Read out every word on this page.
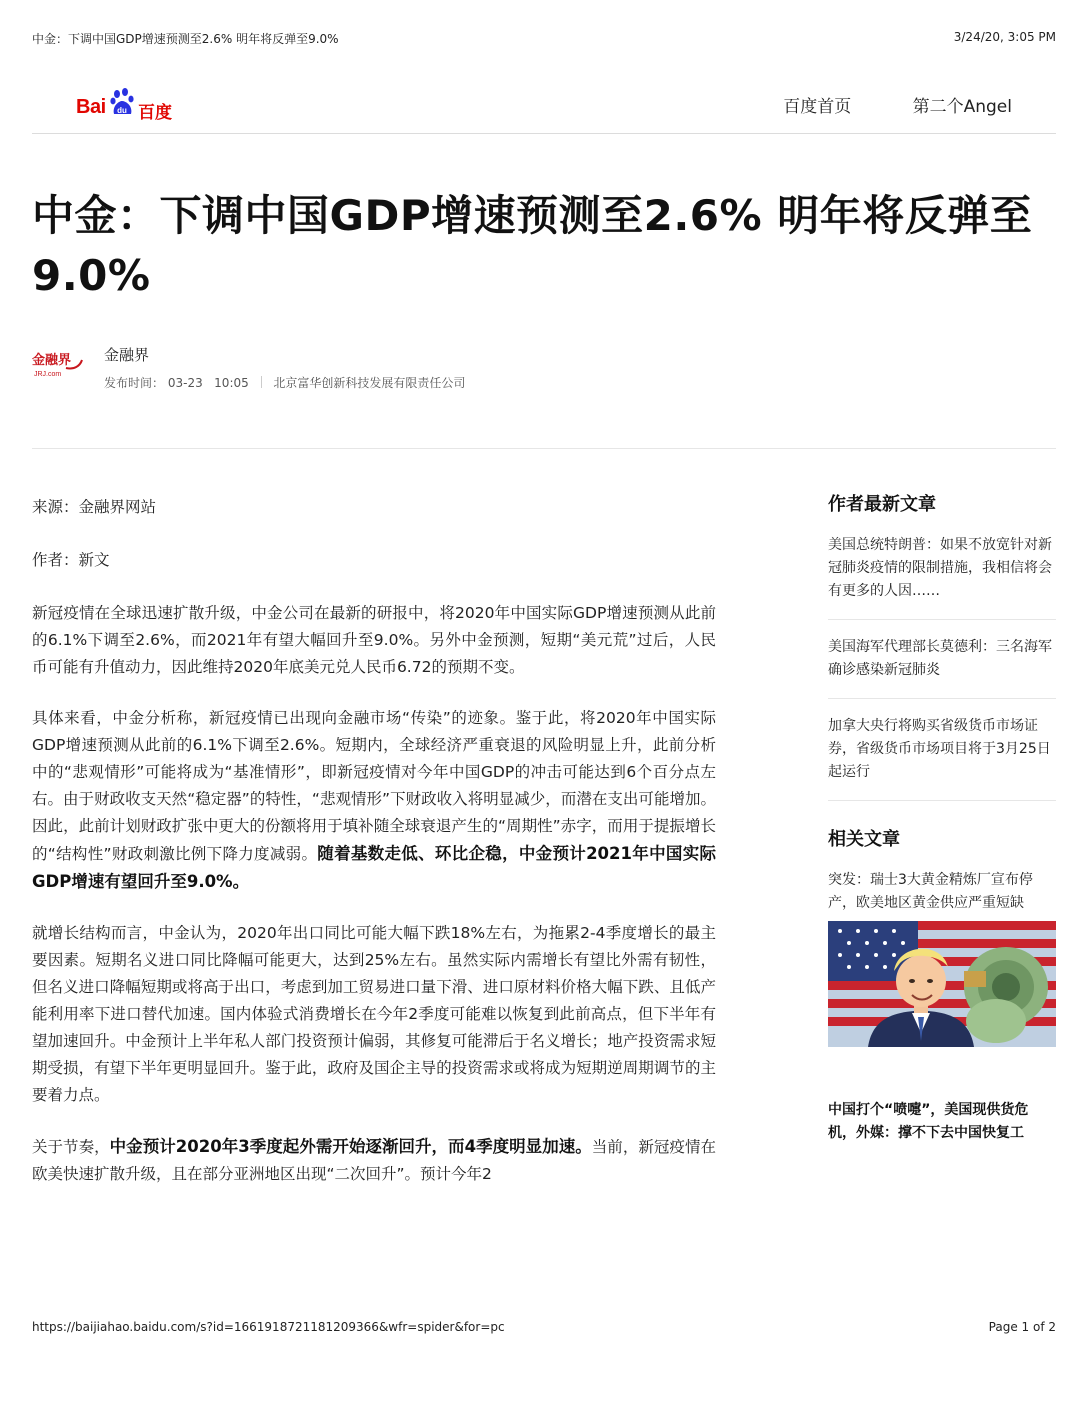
中金：下调中国GDP增速预测至2.6% 明年将反弹至9.0%	3/24/20, 3:05 PM
Bai du 百度	百度首页	第二个Angel
中金：下调中国GDP增速预测至2.6% 明年将反弹至9.0%
金融界
JRJ.com
金融界
发布时间： 03-23 10:05 北京富华创新科技发展有限责任公司

来源：金融界网站

作者：新文

新冠疫情在全球迅速扩散升级，中金公司在最新的研报中，将2020年中国实际GDP增速预测从此前的6.1%下调至2.6%，而2021年有望大幅回升至9.0%。另外中金预测，短期“美元荒”过后，人民币可能有升值动力，因此维持2020年底美元兑人民币6.72的预期不变。

具体来看，中金分析称，新冠疫情已出现向金融市场“传染”的迹象。鉴于此，将2020年中国实际GDP增速预测从此前的6.1%下调至2.6%。短期内，全球经济严重衰退的风险明显上升，此前分析中的“悲观情形”可能将成为“基准情形”，即新冠疫情对今年中国GDP的冲击可能达到6个百分点左右。由于财政收支天然“稳定器”的特性，“悲观情形”下财政收入将明显减少，而潜在支出可能增加。因此，此前计划财政扩张中更大的份额将用于填补随全球衰退产生的“周期性”赤字，而用于提振增长的“结构性”财政刺激比例下降力度减弱。随着基数走低、环比企稳，中金预计2021年中国实际GDP增速有望回升至9.0%。

就增长结构而言，中金认为，2020年出口同比可能大幅下跌18%左右，为拖累2-4季度增长的最主要因素。短期名义进口同比降幅可能更大，达到25%左右。虽然实际内需增长有望比外需有韧性，但名义进口降幅短期或将高于出口，考虑到加工贸易进口量下滑、进口原材料价格大幅下跌、且低产能利用率下进口替代加速。国内体验式消费增长在今年2季度可能难以恢复到此前高点，但下半年有望加速回升。中金预计上半年私人部门投资预计偏弱，其修复可能滞后于名义增长；地产投资需求短期受损，有望下半年更明显回升。鉴于此，政府及国企主导的投资需求或将成为短期逆周期调节的主要着力点。

关于节奏，中金预计2020年3季度起外需开始逐渐回升，而4季度明显加速。当前，新冠疫情在欧美快速扩散升级，且在部分亚洲地区出现“二次回升”。预计今年2

作者最新文章
美国总统特朗普：如果不放宽针对新冠肺炎疫情的限制措施，我相信将会有更多的人因……
美国海军代理部长莫德利：三名海军确诊感染新冠肺炎
加拿大央行将购买省级货币市场证券，省级货币市场项目将于3月25日起运行
相关文章
突发：瑞士3大黄金精炼厂宣布停产，欧美地区黄金供应严重短缺
中国打个“喷嚏”，美国现供货危机，外媒：撑不下去中国快复工
https://baijiahao.baidu.com/s?id=1661918721181209366&wfr=spider&for=pc	Page 1 of 2
